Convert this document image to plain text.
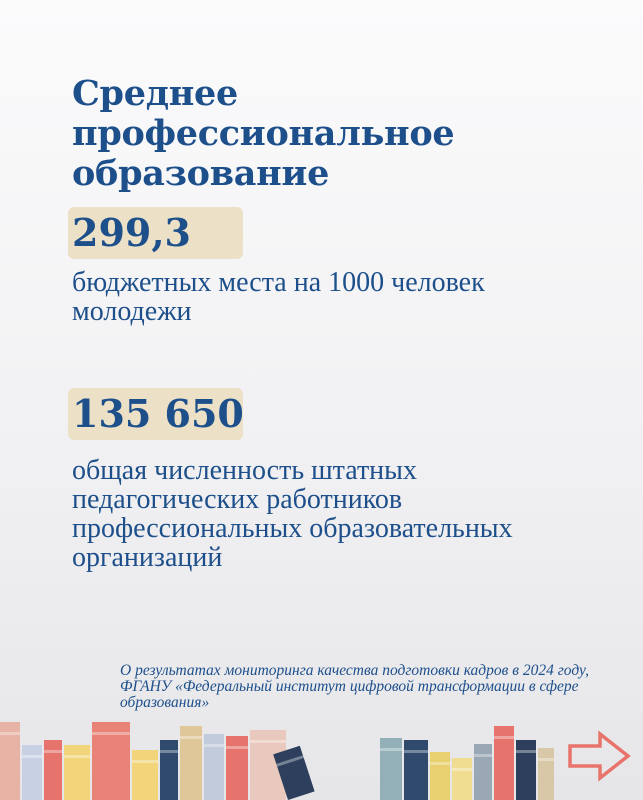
Среднее профессиональное образование

299,3

бюджетных места на 1000 человек молодежи

135 650

общая численность штатных педагогических работников профессиональных образовательных организаций

О результатах мониторинга качества подготовки кадров в 2024 году, ФГАНУ «Федеральный институт цифровой трансформации в сфере образования»
